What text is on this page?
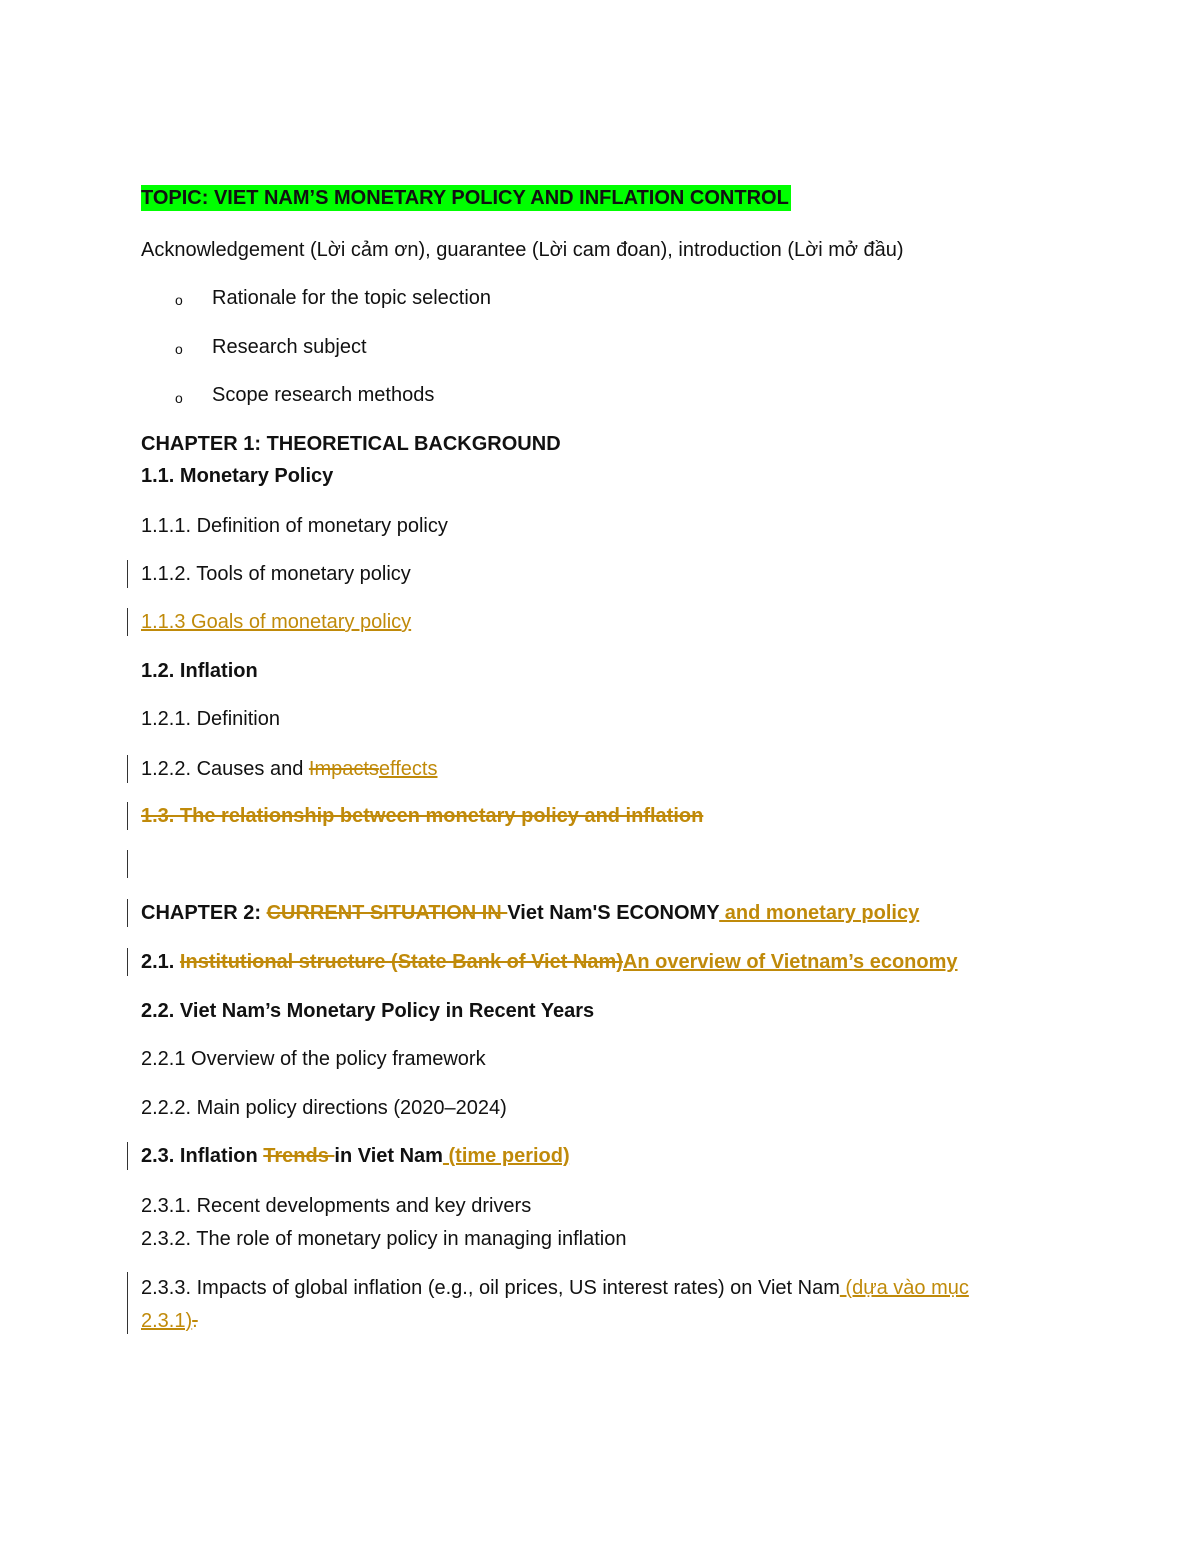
TOPIC: VIET NAM’S MONETARY POLICY AND INFLATION CONTROL
Acknowledgement (Lời cảm ơn), guarantee (Lời cam đoan), introduction (Lời mở đầu)
o Rationale for the topic selection
o Research subject
o Scope research methods
CHAPTER 1: THEORETICAL BACKGROUND
1.1. Monetary Policy
1.1.1. Definition of monetary policy
1.1.2. Tools of monetary policy
1.1.3 Goals of monetary policy
1.2. Inflation
1.2.1. Definition
1.2.2. Causes and Impactseffects
1.3. The relationship between monetary policy and inflation
CHAPTER 2: CURRENT SITUATION IN Viet Nam'S ECONOMY and monetary policy
2.1. Institutional structure (State Bank of Viet Nam)An overview of Vietnam’s economy
2.2. Viet Nam’s Monetary Policy in Recent Years
2.2.1 Overview of the policy framework
2.2.2. Main policy directions (2020–2024)
2.3. Inflation Trends in Viet Nam (time period)
2.3.1. Recent developments and key drivers
2.3.2. The role of monetary policy in managing inflation
2.3.3. Impacts of global inflation (e.g., oil prices, US interest rates) on Viet Nam (dựa vào mục
2.3.1).
